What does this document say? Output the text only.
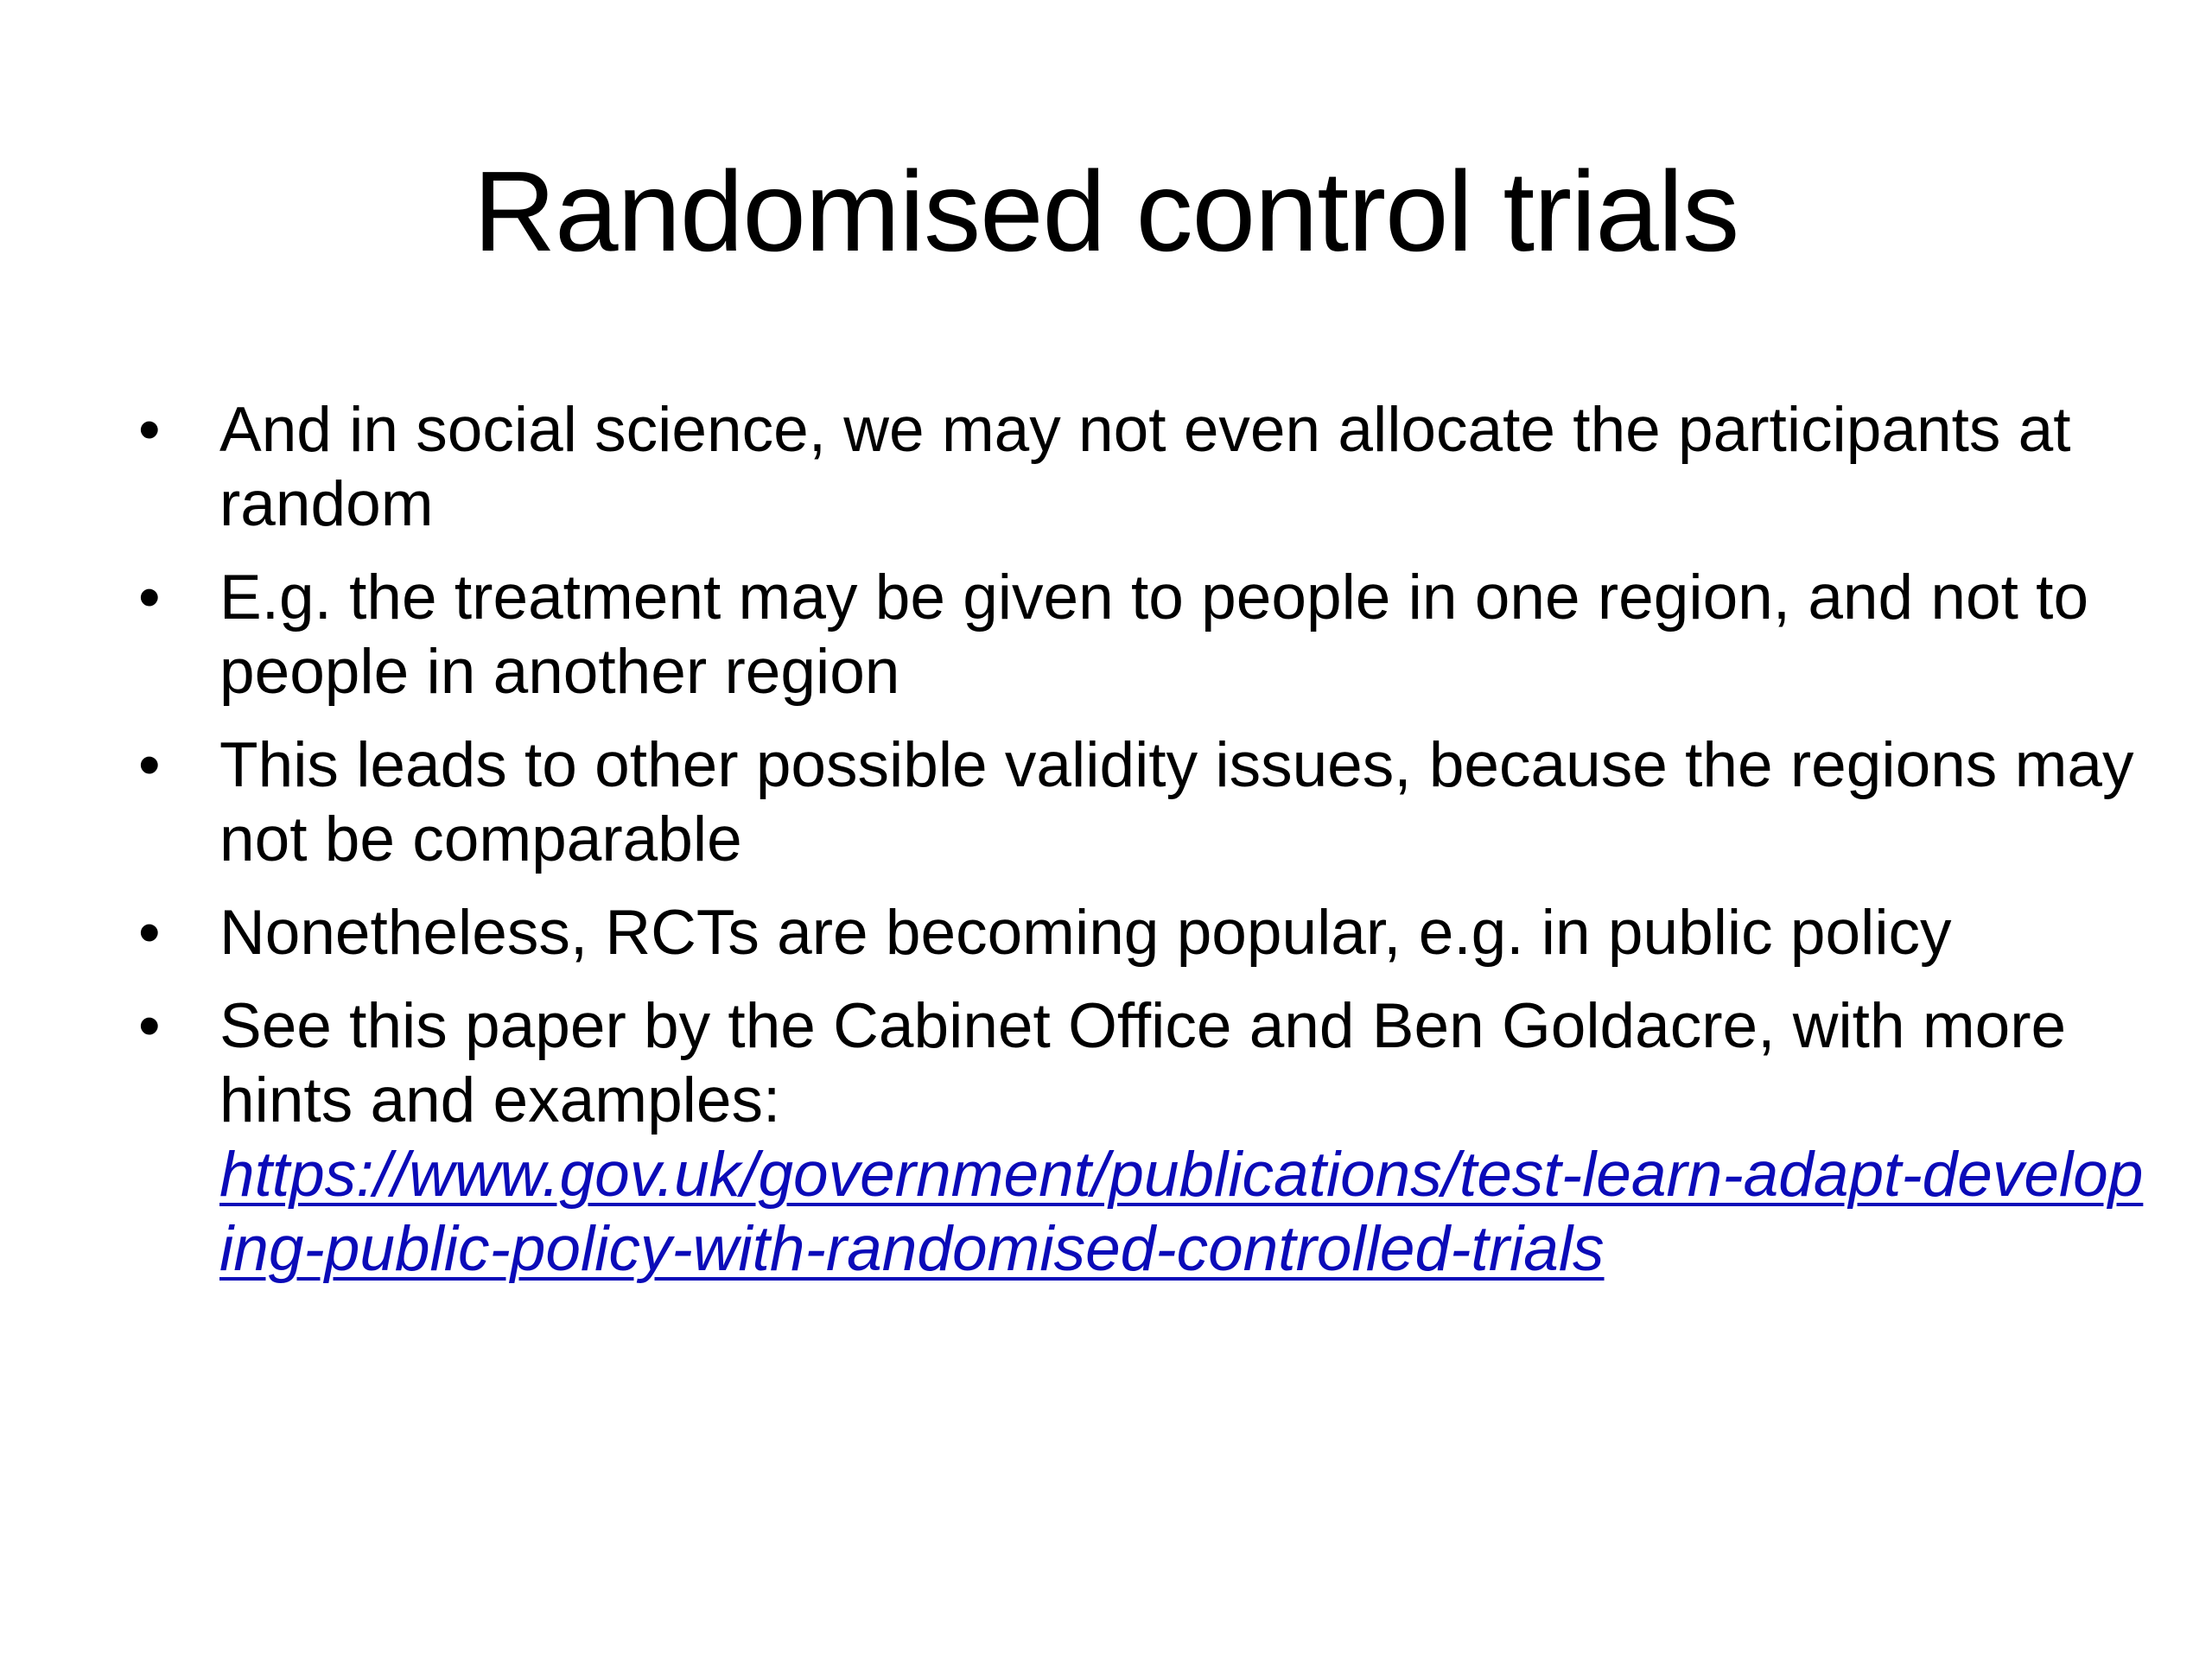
Randomised control trials
• And in social science, we may not even allocate the participants at random
• E.g. the treatment may be given to people in one region, and not to people in another region
• This leads to other possible validity issues, because the regions may not be comparable
• Nonetheless, RCTs are becoming popular, e.g. in public policy
• See this paper by the Cabinet Office and Ben Goldacre, with more hints and examples:
https://www.gov.uk/government/publications/test-learn-adapt-developing-public-policy-with-randomised-controlled-trials
